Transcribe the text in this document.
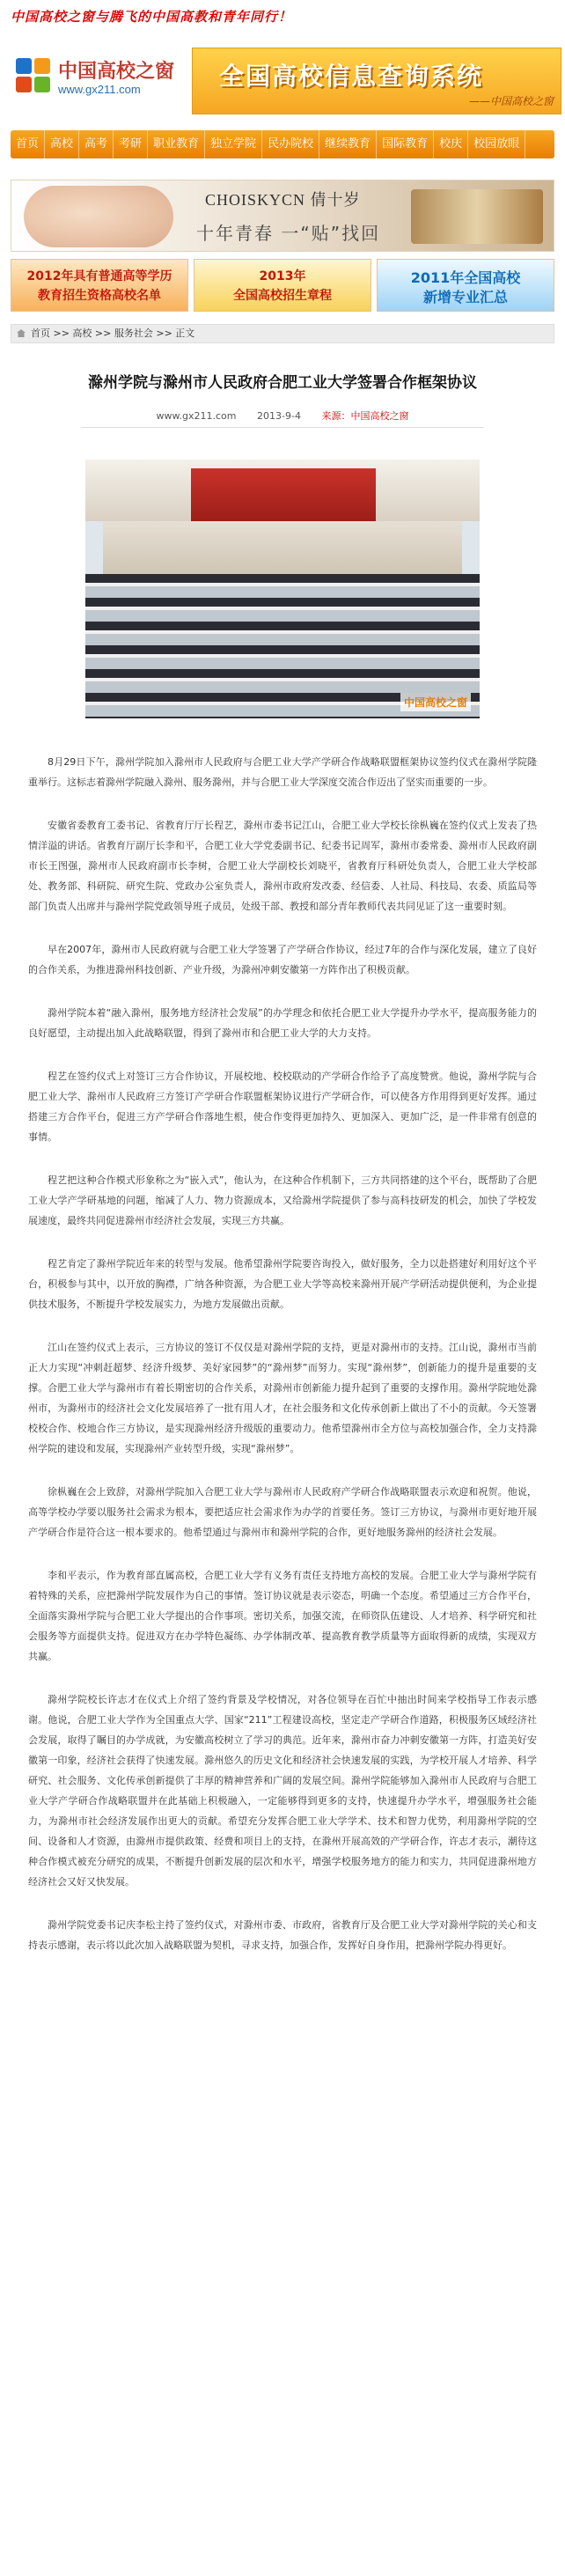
中国高校之窗与腾飞的中国高教和青年同行！
中国高校之窗
www.gx211.com	全国高校信息查询系统
——中国高校之窗
首页	高校	高考	考研	职业教育	独立学院	民办院校	继续教育	国际教育	校庆	校园放眼
CHOISKYCN 倩十岁
十年青春 一“贴”找回
2012年具有普通高等学历
教育招生资格高校名单
2013年
全国高校招生章程
2011年全国高校
新增专业汇总
首页 >> 高校 >> 服务社会 >> 正文
滁州学院与滁州市人民政府合肥工业大学签署合作框架协议
www.gx211.com 2013-9-4 来源：中国高校之窗
中国高校之窗

8月29日下午，滁州学院加入滁州市人民政府与合肥工业大学产学研合作战略联盟框架协议签约仪式在滁州学院隆重举行。这标志着滁州学院融入滁州、服务滁州，并与合肥工业大学深度交流合作迈出了坚实而重要的一步。

安徽省委教育工委书记、省教育厅厅长程艺，滁州市委书记江山，合肥工业大学校长徐枞巍在签约仪式上发表了热情洋溢的讲话。省教育厅副厅长李和平，合肥工业大学党委副书记、纪委书记周军，滁州市委常委、滁州市人民政府副市长王图强，滁州市人民政府副市长李树，合肥工业大学副校长刘晓平，省教育厅科研处负责人，合肥工业大学校部处、教务部、科研院、研究生院、党政办公室负责人，滁州市政府发改委、经信委、人社局、科技局、农委、质监局等部门负责人出席并与滁州学院党政领导班子成员，处级干部、教授和部分青年教师代表共同见证了这一重要时刻。

早在2007年，滁州市人民政府就与合肥工业大学签署了产学研合作协议，经过7年的合作与深化发展，建立了良好的合作关系，为推进滁州科技创新、产业升级，为滁州冲刺安徽第一方阵作出了积极贡献。

滁州学院本着“融入滁州，服务地方经济社会发展”的办学理念和依托合肥工业大学提升办学水平，提高服务能力的良好愿望，主动提出加入此战略联盟，得到了滁州市和合肥工业大学的大力支持。

程艺在签约仪式上对签订三方合作协议，开展校地、校校联动的产学研合作给予了高度赞赏。他说，滁州学院与合肥工业大学、滁州市人民政府三方签订产学研合作联盟框架协议进行产学研合作，可以使各方作用得到更好发挥。通过搭建三方合作平台，促进三方产学研合作落地生根，使合作变得更加持久、更加深入、更加广泛，是一件非常有创意的事情。

程艺把这种合作模式形象称之为“嵌入式”，他认为，在这种合作机制下，三方共同搭建的这个平台，既帮助了合肥工业大学产学研基地的问题，缩减了人力、物力资源成本，又给滁州学院提供了参与高科技研发的机会，加快了学校发展速度，最终共同促进滁州市经济社会发展，实现三方共赢。

程艺肯定了滁州学院近年来的转型与发展。他希望滁州学院要咨询投入，做好服务，全力以赴搭建好利用好这个平台，积极参与其中，以开放的胸襟，广纳各种资源，为合肥工业大学等高校来滁州开展产学研活动提供便利，为企业提供技术服务，不断提升学校发展实力，为地方发展做出贡献。

江山在签约仪式上表示，三方协议的签订不仅仅是对滁州学院的支持，更是对滁州市的支持。江山说，滁州市当前正大力实现“冲刺赶超梦、经济升级梦、美好家园梦”的“滁州梦”而努力。实现“滁州梦”，创新能力的提升是重要的支撑。合肥工业大学与滁州市有着长期密切的合作关系，对滁州市创新能力提升起到了重要的支撑作用。滁州学院地处滁州市，为滁州市的经济社会文化发展培养了一批有用人才，在社会服务和文化传承创新上做出了不小的贡献。今天签署校校合作、校地合作三方协议，是实现滁州经济升级版的重要动力。他希望滁州市全方位与高校加强合作，全力支持滁州学院的建设和发展，实现滁州产业转型升级，实现“滁州梦”。

徐枞巍在会上致辞，对滁州学院加入合肥工业大学与滁州市人民政府产学研合作战略联盟表示欢迎和祝贺。他说，高等学校办学要以服务社会需求为根本，要把适应社会需求作为办学的首要任务。签订三方协议，与滁州市更好地开展产学研合作是符合这一根本要求的。他希望通过与滁州市和滁州学院的合作，更好地服务滁州的经济社会发展。

李和平表示，作为教育部直属高校，合肥工业大学有义务有责任支持地方高校的发展。合肥工业大学与滁州学院有着特殊的关系，应把滁州学院发展作为自己的事情。签订协议就是表示姿态，明确一个态度。希望通过三方合作平台，全面落实滁州学院与合肥工业大学提出的合作事项。密切关系，加强交流，在师资队伍建设、人才培养、科学研究和社会服务等方面提供支持。促进双方在办学特色凝练、办学体制改革、提高教育教学质量等方面取得新的成绩，实现双方共赢。

滁州学院校长许志才在仪式上介绍了签约背景及学校情况，对各位领导在百忙中抽出时间来学校指导工作表示感谢。他说，合肥工业大学作为全国重点大学、国家“211”工程建设高校，坚定走产学研合作道路，积极服务区域经济社会发展，取得了瞩目的办学成就，为安徽高校树立了学习的典范。近年来，滁州市奋力冲刺安徽第一方阵，打造美好安徽第一印象，经济社会获得了快速发展。滁州悠久的历史文化和经济社会快速发展的实践，为学校开展人才培养、科学研究、社会服务、文化传承创新提供了丰厚的精神营养和广阔的发展空间。滁州学院能够加入滁州市人民政府与合肥工业大学产学研合作战略联盟并在此基础上积极融入，一定能够得到更多的支持，快速提升办学水平，增强服务社会能力，为滁州市社会经济发展作出更大的贡献。希望充分发挥合肥工业大学学术、技术和智力优势，利用滁州学院的空间、设备和人才资源，由滁州市提供政策、经费和项目上的支持，在滁州开展高效的产学研合作，许志才表示，潮待这种合作模式被充分研究的成果，不断提升创新发展的层次和水平，增强学校服务地方的能力和实力，共同促进滁州地方经济社会又好又快发展。

滁州学院党委书记庆李松主持了签约仪式，对滁州市委、市政府，省教育厅及合肥工业大学对滁州学院的关心和支持表示感谢，表示将以此次加入战略联盟为契机，寻求支持，加强合作，发挥好自身作用，把滁州学院办得更好。
